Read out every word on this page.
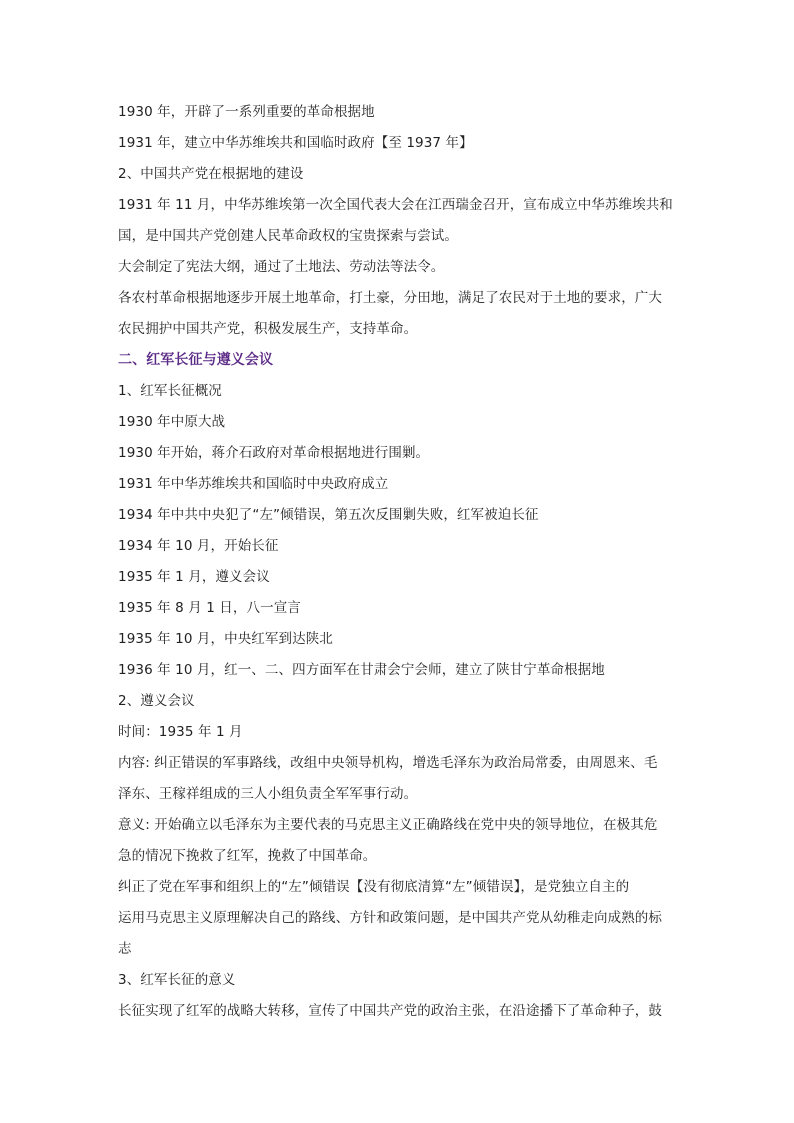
1930 年，开辟了一系列重要的革命根据地
1931 年，建立中华苏维埃共和国临时政府【至 1937 年】
2、中国共产党在根据地的建设
1931 年 11 月，中华苏维埃第一次全国代表大会在江西瑞金召开，宣布成立中华苏维埃共和
国，是中国共产党创建人民革命政权的宝贵探索与尝试。
大会制定了宪法大纲，通过了土地法、劳动法等法令。
各农村革命根据地逐步开展土地革命，打土豪，分田地，满足了农民对于土地的要求，广大
农民拥护中国共产党，积极发展生产，支持革命。
二、红军长征与遵义会议
1、红军长征概况
1930 年中原大战
1930 年开始，蒋介石政府对革命根据地进行围剿。
1931 年中华苏维埃共和国临时中央政府成立
1934 年中共中央犯了“左”倾错误，第五次反围剿失败，红军被迫长征
1934 年 10 月，开始长征
1935 年 1 月，遵义会议
1935 年 8 月 1 日，八一宣言
1935 年 10 月，中央红军到达陕北
1936 年 10 月，红一、二、四方面军在甘肃会宁会师，建立了陕甘宁革命根据地
2、遵义会议
时间：1935 年 1 月
内容: 纠正错误的军事路线，改组中央领导机构，增选毛泽东为政治局常委，由周恩来、毛
泽东、王稼祥组成的三人小组负责全军军事行动。
意义: 开始确立以毛泽东为主要代表的马克思主义正确路线在党中央的领导地位，在极其危
急的情况下挽救了红军，挽救了中国革命。
纠正了党在军事和组织上的“左”倾错误【没有彻底清算“左”倾错误】，是党独立自主的
运用马克思主义原理解决自己的路线、方针和政策问题，是中国共产党从幼稚走向成熟的标
志
3、红军长征的意义
长征实现了红军的战略大转移，宣传了中国共产党的政治主张，在沿途播下了革命种子，鼓
